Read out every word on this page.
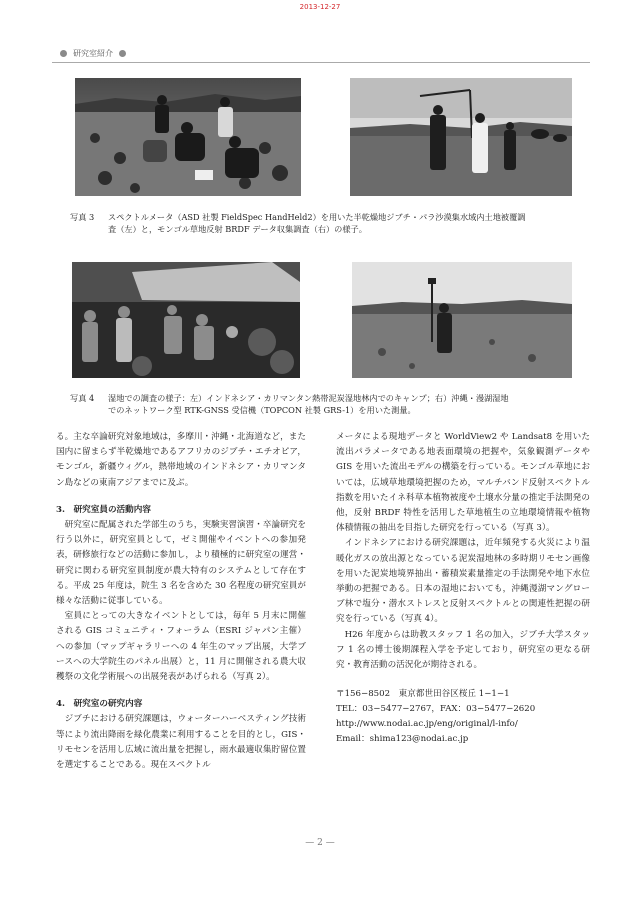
2013-12-27
研究室紹介
写真 3 スペクトルメータ（ASD 社製 FieldSpec HandHeld2）を用いた半乾燥地ジブチ・パラ沙漠集水域内土地被覆調
査（左）と，モンゴル草地反射 BRDF データ収集調査（右）の様子。
写真 4 湿地での調査の様子：左）インドネシア・カリマンタン熱帯泥炭湿地林内でのキャンプ；右）沖縄・漫湖湿地
でのネットワーク型 RTK-GNSS 受信機（TOPCON 社製 GRS-1）を用いた測量。

る。主な卒論研究対象地域は，多摩川・沖縄・北海道など，また国内に留まらず半乾燥地であるアフリカのジブチ・エチオピア，モンゴル，新疆ウィグル，熱帯地域のインドネシア・カリマンタン島などの東南アジアまでに及ぶ。

3.　研究室員の活動内容

研究室に配属された学部生のうち，実験実習演習・卒論研究を行う以外に，研究室員として，ゼミ開催やイベントへの参加発表，研修旅行などの活動に参加し，より積極的に研究室の運営・研究に関わる研究室員制度が農大特有のシステムとして存在する。平成 25 年度は，院生 3 名を含めた 30 名程度の研究室員が様々な活動に従事している。

室員にとっての大きなイベントとしては，毎年 5 月末に開催される GIS コミュニティ・フォーラム（ESRI ジャパン主催）への参加（マップギャラリーへの 4 年生のマップ出展，大学ブースへの大学院生のパネル出展）と，11 月に開催される農大収穫祭の文化学術展への出展発表があげられる（写真 2）。

4.　研究室の研究内容

ジブチにおける研究課題は，ウォーターハーベスティング技術等により流出降雨を緑化農業に利用することを目的とし，GIS・リモセンを活用し広域に流出量を把握し，雨水最適収集貯留位置を選定することである。現在スペクトル

メータによる現地データと WorldView2 や Landsat8 を用いた流出パラメータである地表面環境の把握や，気象観測データや GIS を用いた流出モデルの構築を行っている。モンゴル草地においては，広域草地環境把握のため，マルチバンド反射スペクトル指数を用いたイネ科草本植物被度や土壌水分量の推定手法開発の他，反射 BRDF 特性を活用した草地植生の立地環境情報や植物体積情報の抽出を目指した研究を行っている（写真 3）。

インドネシアにおける研究課題は，近年頻発する火災により温暖化ガスの放出源となっている泥炭湿地林の多時期リモセン画像を用いた泥炭地境界抽出・蓄積炭素量推定の手法開発や地下水位挙動の把握である。日本の湿地においても，沖縄漫湖マングローブ林で塩分・潜水ストレスと反射スペクトルとの関連性把握の研究を行っている（写真 4）。

H26 年度からは助教スタッフ 1 名の加入，ジブチ大学スタッフ 1 名の博士後期課程入学を予定しており，研究室の更なる研究・教育活動の活況化が期待される。

〒156−8502　東京都世田谷区桜丘 1−1−1
TEL：03−5477−2767，FAX：03−5477−2620
http://www.nodai.ac.jp/eng/original/l-info/
Email：shima123@nodai.ac.jp
— 2 —
